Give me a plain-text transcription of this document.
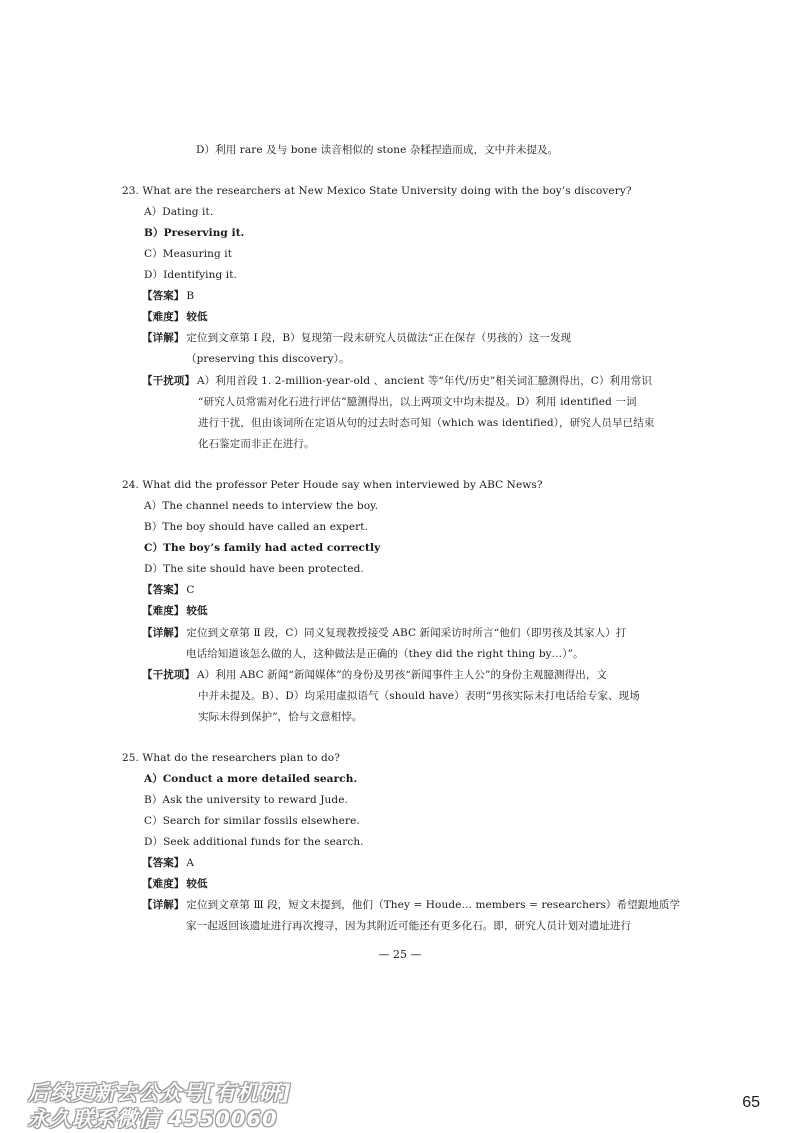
D）利用 rare 及与 bone 读音相似的 stone 杂糅捏造而成，文中并未提及。
23. What are the researchers at New Mexico State University doing with the boy’s discovery?
A）Dating it.
B）Preserving it.
C）Measuring it
D）Identifying it.
【答案】 B
【难度】 较低
【详解】 定位到文章第 I 段，B）复现第一段末研究人员做法“正在保存（男孩的）这一发现
（preserving this discovery）。
【干扰项】 A）利用首段 1. 2-million-year-old 、ancient 等“年代/历史”相关词汇臆测得出，C）利用常识
“研究人员常需对化石进行评估”臆测得出，以上两项文中均未提及。D）利用 identified 一词
进行干扰，但由该词所在定语从句的过去时态可知（which was identified），研究人员早已结束
化石鉴定而非正在进行。
24. What did the professor Peter Houde say when interviewed by ABC News?
A）The channel needs to interview the boy.
B）The boy should have called an expert.
C）The boy’s family had acted correctly
D）The site should have been protected.
【答案】 C
【难度】 较低
【详解】 定位到文章第 Ⅱ 段，C）同义复现教授接受 ABC 新闻采访时所言“他们（即男孩及其家人）打
电话给知道该怎么做的人，这种做法是正确的（they did the right thing by…）”。
【干扰项】 A）利用 ABC 新闻“新闻媒体”的身份及男孩“新闻事件主人公”的身份主观臆测得出，文
中并未提及。B）、D）均采用虚拟语气（should have）表明“男孩实际未打电话给专家、现场
实际未得到保护”，恰与文意相悖。
25. What do the researchers plan to do?
A）Conduct a more detailed search.
B）Ask the university to reward Jude.
C）Search for similar fossils elsewhere.
D）Seek additional funds for the search.
【答案】 A
【难度】 较低
【详解】 定位到文章第 Ⅲ 段，短文末提到，他们（They = Houde… members = researchers）希望跟地质学
家一起返回该遗址进行再次搜寻，因为其附近可能还有更多化石。即，研究人员计划对遗址进行
— 25 —
后续更新去公众号[有机研]
永久联系微信 4550060
65
